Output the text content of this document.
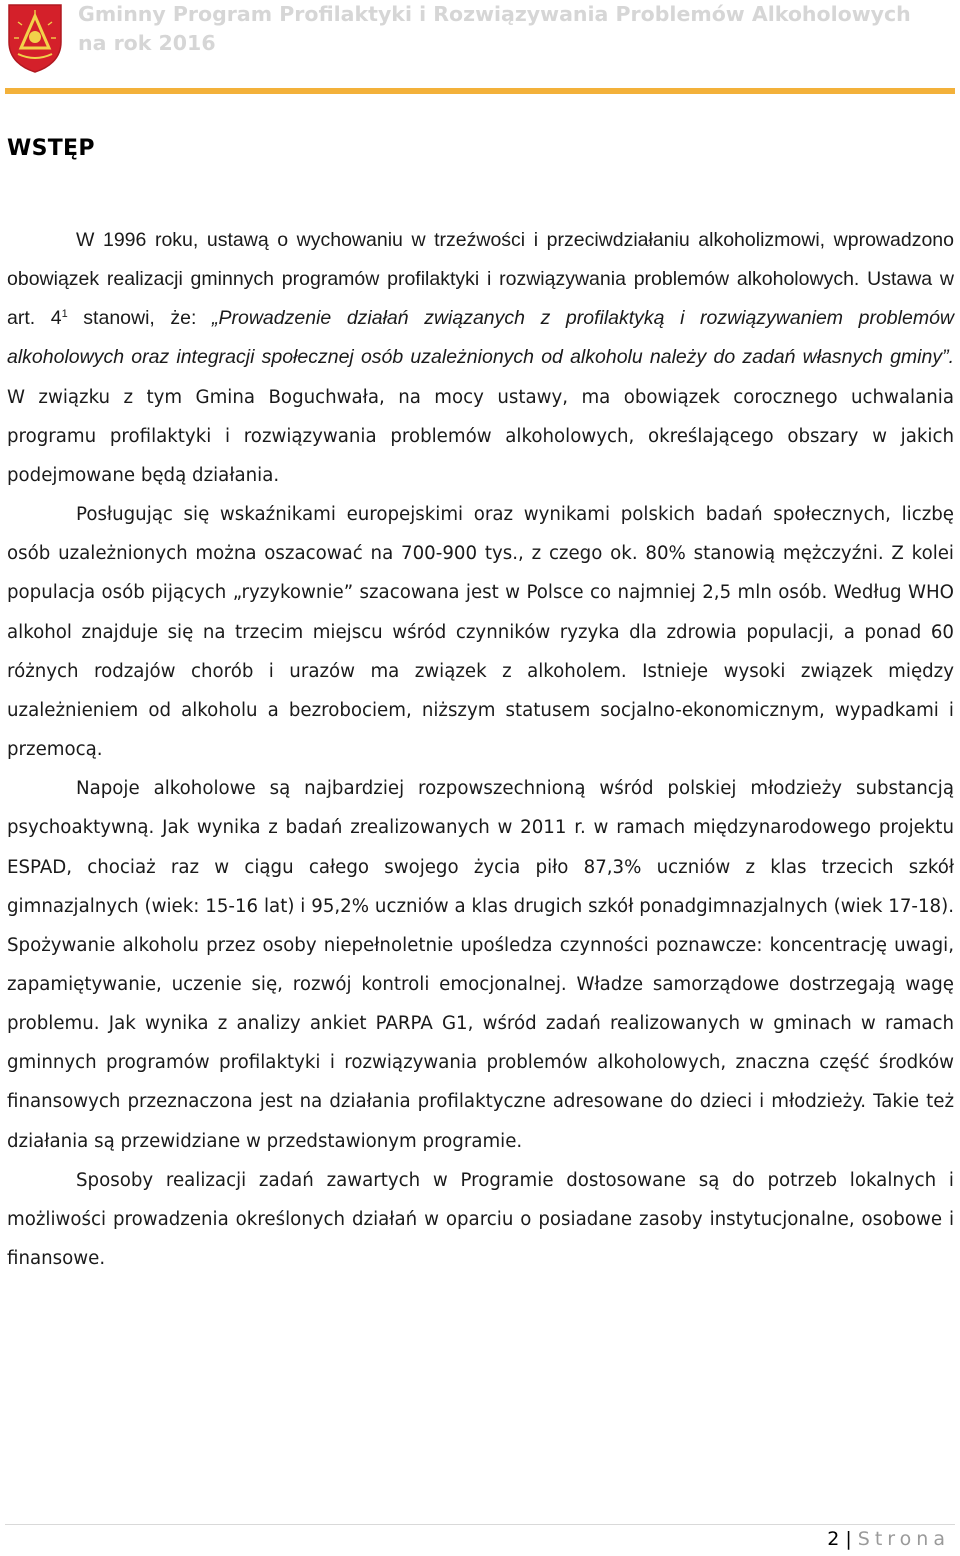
Gminny Program Profilaktyki i Rozwiązywania Problemów Alkoholowych
na rok 2016
WSTĘP

W 1996 roku, ustawą o wychowaniu w trzeźwości i przeciwdziałaniu alkoholizmowi, wprowadzono obowiązek realizacji gminnych programów profilaktyki i rozwiązywania problemów alkoholowych. Ustawa w art. $4^1$ stanowi, że: „Prowadzenie działań związanych z profilaktyką i rozwiązywaniem problemów alkoholowych oraz integracji społecznej osób uzależnionych od alkoholu należy do zadań własnych gminy”. W związku z tym Gmina Boguchwała, na mocy ustawy, ma obowiązek corocznego uchwalania programu profilaktyki i rozwiązywania problemów alkoholowych, określającego obszary w jakich podejmowane będą działania.

Posługując się wskaźnikami europejskimi oraz wynikami polskich badań społecznych, liczbę osób uzależnionych można oszacować na 700-900 tys., z czego ok. 80% stanowią mężczyźni. Z kolei populacja osób pijących „ryzykownie” szacowana jest w Polsce co najmniej 2,5 mln osób. Według WHO alkohol znajduje się na trzecim miejscu wśród czynników ryzyka dla zdrowia populacji, a ponad 60 różnych rodzajów chorób i urazów ma związek z alkoholem. Istnieje wysoki związek między uzależnieniem od alkoholu a bezrobociem, niższym statusem socjalno-ekonomicznym, wypadkami i przemocą.

Napoje alkoholowe są najbardziej rozpowszechnioną wśród polskiej młodzieży substancją psychoaktywną. Jak wynika z badań zrealizowanych w 2011 r. w ramach międzynarodowego projektu ESPAD, chociaż raz w ciągu całego swojego życia piło 87,3% uczniów z klas trzecich szkół gimnazjalnych (wiek: 15-16 lat) i 95,2% uczniów a klas drugich szkół ponadgimnazjalnych (wiek 17-18). Spożywanie alkoholu przez osoby niepełnoletnie upośledza czynności poznawcze: koncentrację uwagi, zapamiętywanie, uczenie się, rozwój kontroli emocjonalnej. Władze samorządowe dostrzegają wagę problemu. Jak wynika z analizy ankiet PARPA G1, wśród zadań realizowanych w gminach w ramach gminnych programów profilaktyki i rozwiązywania problemów alkoholowych, znaczna część środków finansowych przeznaczona jest na działania profilaktyczne adresowane do dzieci i młodzieży. Takie też działania są przewidziane w przedstawionym programie.

Sposoby realizacji zadań zawartych w Programie dostosowane są do potrzeb lokalnych i możliwości prowadzenia określonych działań w oparciu o posiadane zasoby instytucjonalne, osobowe i finansowe.

2 | Strona
